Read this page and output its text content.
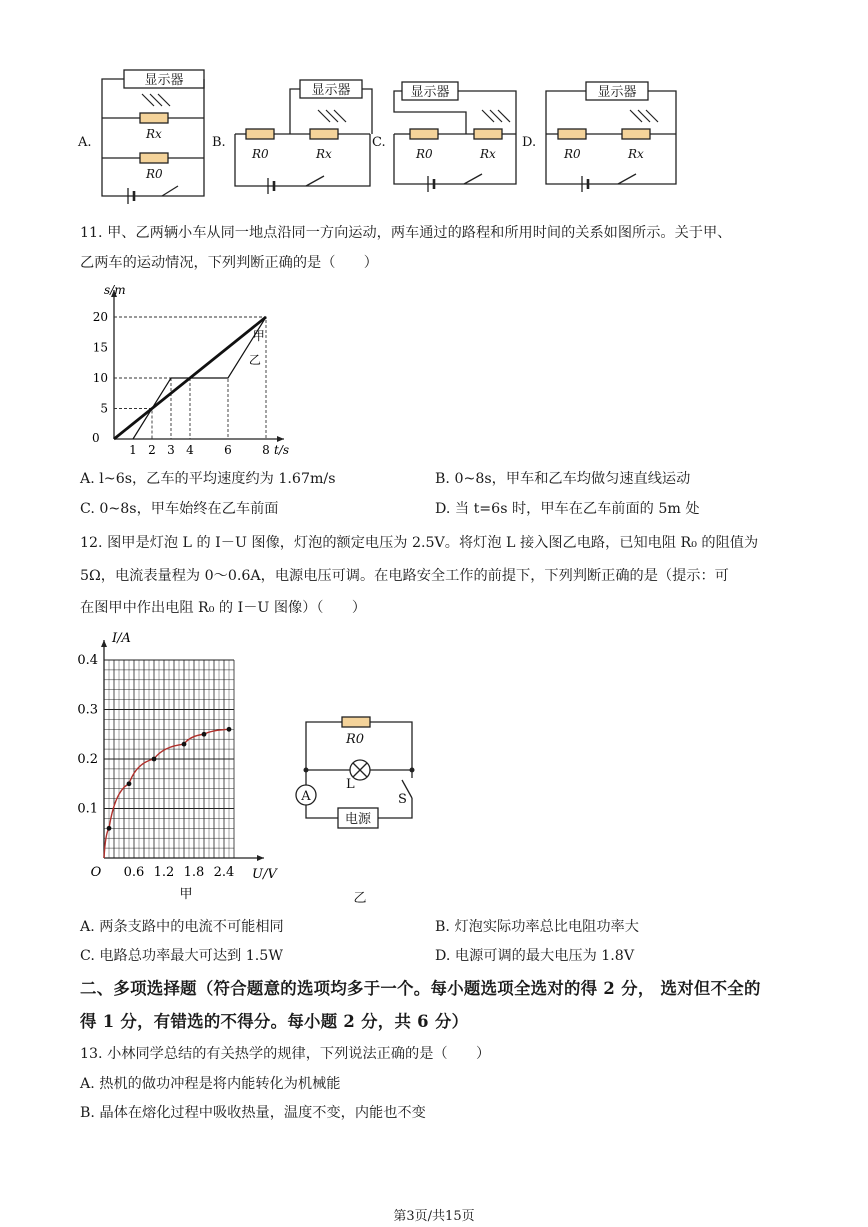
显示器
显示器	显示器	显示器
A.	B.	C.	D.
Rx
R0
R0	Rx	R0	Rx	R0	Rx
11. 甲、乙两辆小车从同一地点沿同一方向运动，两车通过的路程和所用时间的关系如图所示。关于甲、
乙两车的运动情况，下列判断正确的是（　　）
甲
乙
5
10
15
20
1 2 3 4	6	8
0
s/m
t/s
A. l~6s，乙车的平均速度约为 1.67m/s	B. 0~8s，甲车和乙车均做匀速直线运动
C. 0~8s，甲车始终在乙车前面	D. 当 t=6s 时，甲车在乙车前面的 5m 处
12. 图甲是灯泡 L 的 I－U 图像，灯泡的额定电压为 2.5V。将灯泡 L 接入图乙电路，已知电阻 R₀ 的阻值为
5Ω，电流表量程为 0～0.6A，电源电压可调。在电路安全工作的前提下，下列判断正确的是（提示：可
在图甲中作出电阻 R₀ 的 I－U 图像）（　　）
0.1
0.2
0.3
0.4
0.6 1.2 1.8 2.4
O
I/A
U/V
甲
R0
L
A	S
电源
乙
A. 两条支路中的电流不可能相同	B. 灯泡实际功率总比电阻功率大
C. 电路总功率最大可达到 1.5W	D. 电源可调的最大电压为 1.8V
二、多项选择题（符合题意的选项均多于一个。每小题选项全选对的得 2 分， 选对但不全的
得 1 分，有错选的不得分。每小题 2 分，共 6 分）
13. 小林同学总结的有关热学的规律，下列说法正确的是（　　）
A. 热机的做功冲程是将内能转化为机械能
B. 晶体在熔化过程中吸收热量，温度不变，内能也不变
第3页/共15页
